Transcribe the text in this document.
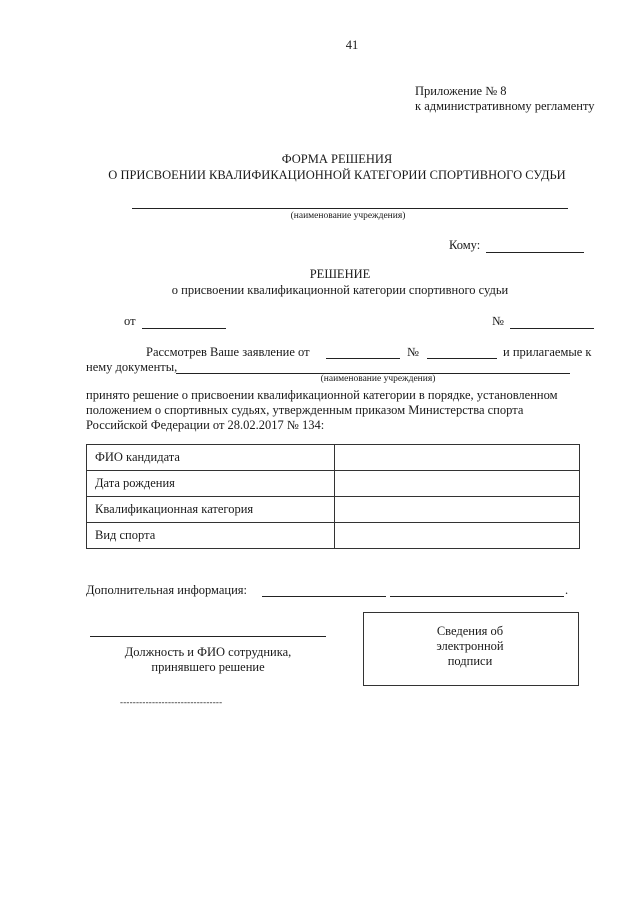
41
Приложение № 8
к административному регламенту
ФОРМА РЕШЕНИЯ
О ПРИСВОЕНИИ КВАЛИФИКАЦИОННОЙ КАТЕГОРИИ СПОРТИВНОГО СУДЬИ
(наименование учреждения)
Кому:
РЕШЕНИЕ
о присвоении квалификационной категории спортивного судьи
от	№
Рассмотрев Ваше заявление от	№	и прилагаемые к
нему документы,
(наименование учреждения)
принято решение о присвоении квалификационной категории в порядке, установленном
положением о спортивных судьях, утвержденным приказом Министерства спорта
Российской Федерации от 28.02.2017 № 134:
ФИО кандидата	
Дата рождения	
Квалификационная категория	
Вид спорта	
Дополнительная информация:	.
Должность и ФИО сотрудника,
принявшего решение
--------------------------------
Сведения об
электронной
подписи
